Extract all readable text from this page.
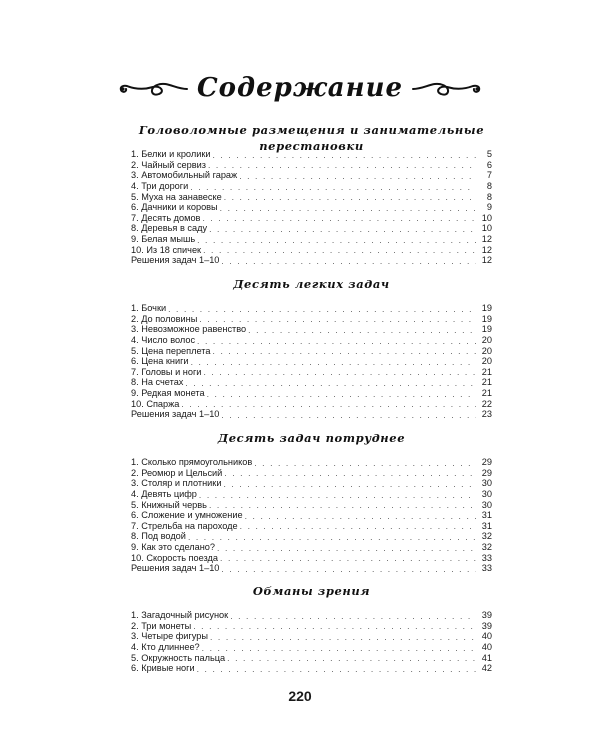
Содержание
Головоломные размещения и занимательные перестановки
1. Белки и кролики . . .	5
2. Чайный сервиз . . .	6
3. Автомобильный гараж . . .	7
4. Три дороги . . .	8
5. Муха на занавеске . . .	8
6. Дачники и коровы . . .	9
7. Десять домов . . .	10
8. Деревья в саду . . .	10
9. Белая мышь . . .	12
10. Из 18 спичек . . .	12
Решения задач 1–10 . . .	12
Десять легких задач
1. Бочки . . .	19
2. До половины . . .	19
3. Невозможное равенство . . .	19
4. Число волос . . .	20
5. Цена переплета . . .	20
6. Цена книги . . .	20
7. Головы и ноги . . .	21
8. На счетах . . .	21
9. Редкая монета . . .	21
10. Спаржа . . .	22
Решения задач 1–10 . . .	23
Десять задач потруднее
1. Сколько прямоугольников . . .	29
2. Реомюр и Цельсий . . .	29
3. Столяр и плотники . . .	30
4. Девять цифр . . .	30
5. Книжный червь . . .	30
6. Сложение и умножение . . .	31
7. Стрельба на пароходе . . .	31
8. Под водой . . .	32
9. Как это сделано? . . .	32
10. Скорость поезда . . .	33
Решения задач 1–10 . . .	33
Обманы зрения
1. Загадочный рисунок . . .	39
2. Три монеты . . .	39
3. Четыре фигуры . . .	40
4. Кто длиннее? . . .	40
5. Окружность пальца . . .	41
6. Кривые ноги . . .	42
220
